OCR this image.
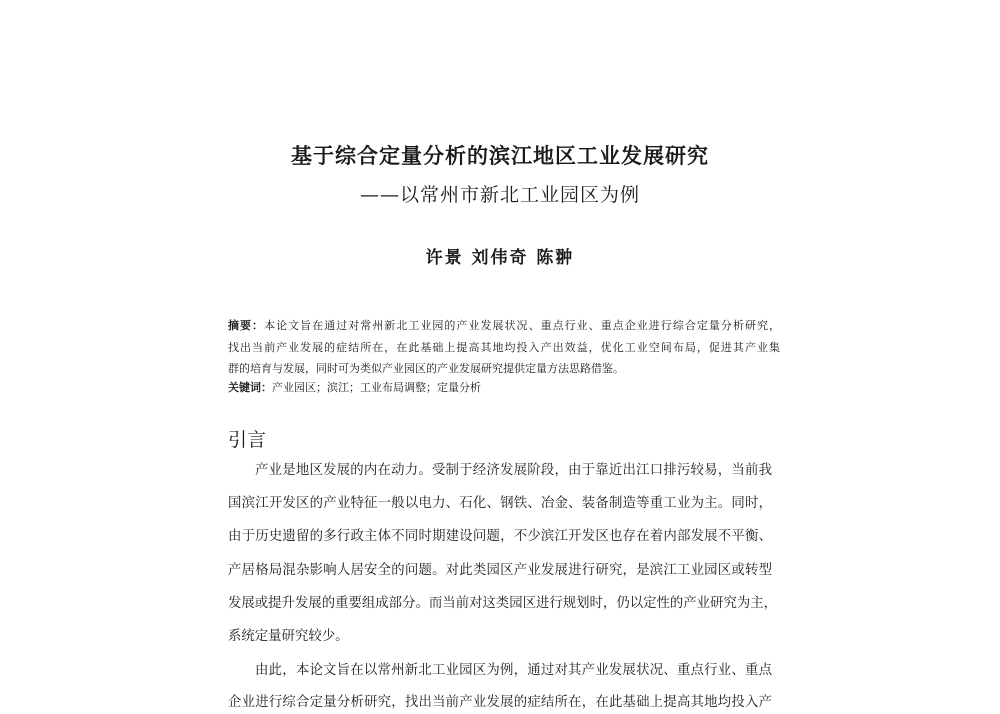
基于综合定量分析的滨江地区工业发展研究
——以常州市新北工业园区为例
许景 刘伟奇 陈翀
摘要：本论文旨在通过对常州新北工业园的产业发展状况、重点行业、重点企业进行综合定量分析研究，
找出当前产业发展的症结所在，在此基础上提高其地均投入产出效益，优化工业空间布局，促进其产业集
群的培育与发展，同时可为类似产业园区的产业发展研究提供定量方法思路借鉴。
关键词：产业园区；滨江；工业布局调整；定量分析
引言
产业是地区发展的内在动力。受制于经济发展阶段，由于靠近出江口排污较易，当前我
国滨江开发区的产业特征一般以电力、石化、钢铁、冶金、装备制造等重工业为主。同时，
由于历史遗留的多行政主体不同时期建设问题，不少滨江开发区也存在着内部发展不平衡、
产居格局混杂影响人居安全的问题。对此类园区产业发展进行研究，是滨江工业园区或转型
发展或提升发展的重要组成部分。而当前对这类园区进行规划时，仍以定性的产业研究为主，
系统定量研究较少。
由此，本论文旨在以常州新北工业园区为例，通过对其产业发展状况、重点行业、重点
企业进行综合定量分析研究，找出当前产业发展的症结所在，在此基础上提高其地均投入产
